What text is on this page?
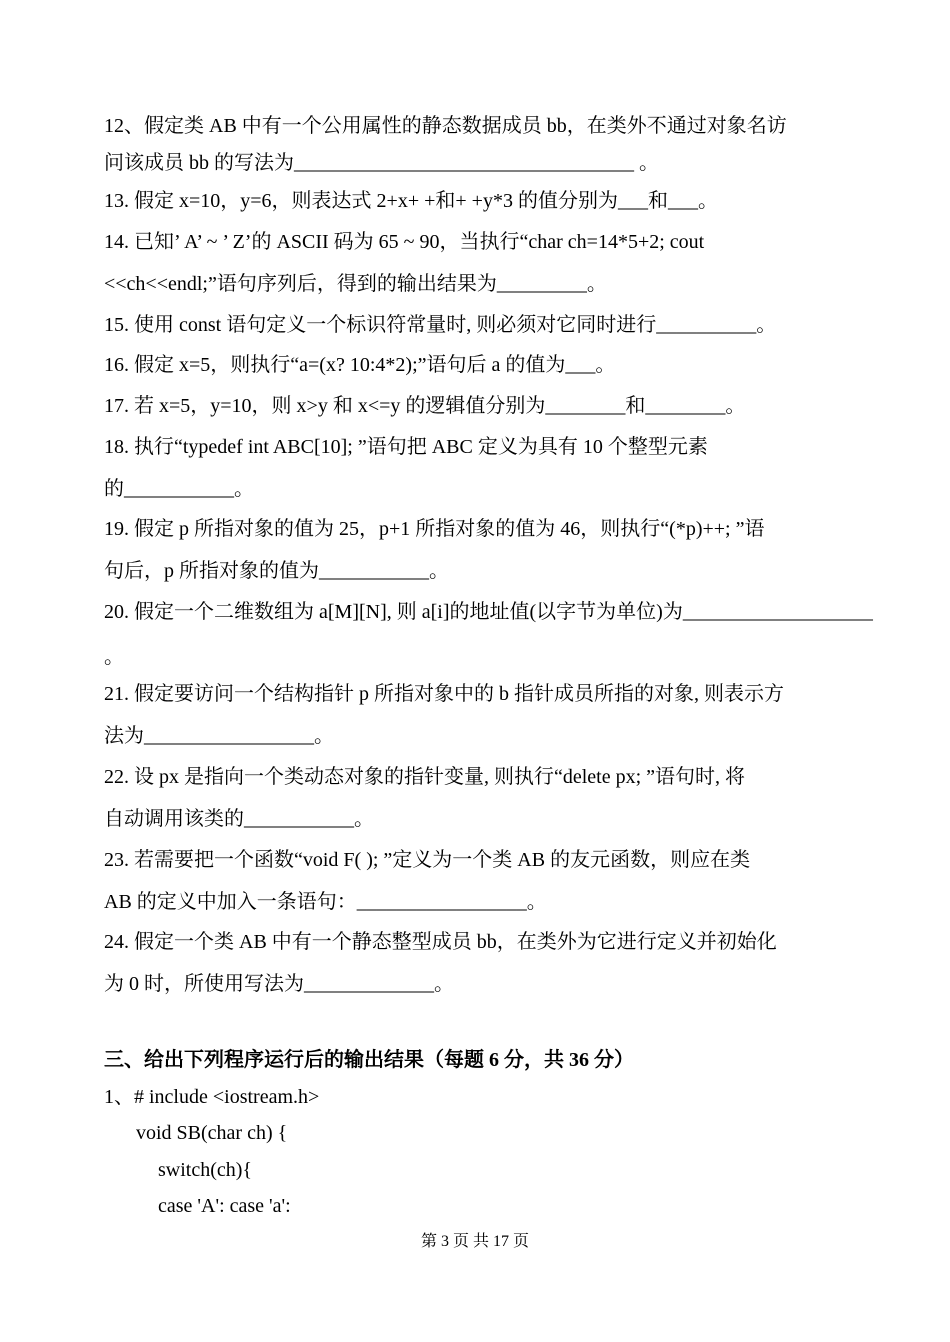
12、假定类 AB 中有一个公用属性的静态数据成员 bb，在类外不通过对象名访
问该成员 bb 的写法为__________________________________ 。
13. 假定 x=10，y=6，则表达式 2+x+ +和+ +y*3 的值分别为___和___。
14. 已知’ A’ ~ ’ Z’的 ASCII 码为 65 ~ 90，当执行“char ch=14*5+2; cout
<<ch<<endl;”语句序列后，得到的输出结果为_________。
15. 使用 const 语句定义一个标识符常量时, 则必须对它同时进行__________。
16. 假定 x=5，则执行“a=(x? 10:4*2);”语句后 a 的值为___。
17. 若 x=5，y=10，则 x>y 和 x<=y 的逻辑值分别为________和________。
18. 执行“typedef int ABC[10]; ”语句把 ABC 定义为具有 10 个整型元素
的___________。
19. 假定 p 所指对象的值为 25，p+1 所指对象的值为 46，则执行“(*p)++; ”语
句后，p 所指对象的值为___________。
20. 假定一个二维数组为 a[M][N], 则 a[i]的地址值(以字节为单位)为___________________
。
21. 假定要访问一个结构指针 p 所指对象中的 b 指针成员所指的对象, 则表示方
法为_________________。
22. 设 px 是指向一个类动态对象的指针变量, 则执行“delete px; ”语句时, 将
自动调用该类的___________。
23. 若需要把一个函数“void F( ); ”定义为一个类 AB 的友元函数，则应在类
AB 的定义中加入一条语句：_________________。
24. 假定一个类 AB 中有一个静态整型成员 bb，在类外为它进行定义并初始化
为 0 时，所使用写法为_____________。
三、给出下列程序运行后的输出结果（每题 6 分，共 36 分）
1、# include <iostream.h>
void SB(char ch) {
switch(ch){
case 'A': case 'a':
第 3 页 共 17 页
